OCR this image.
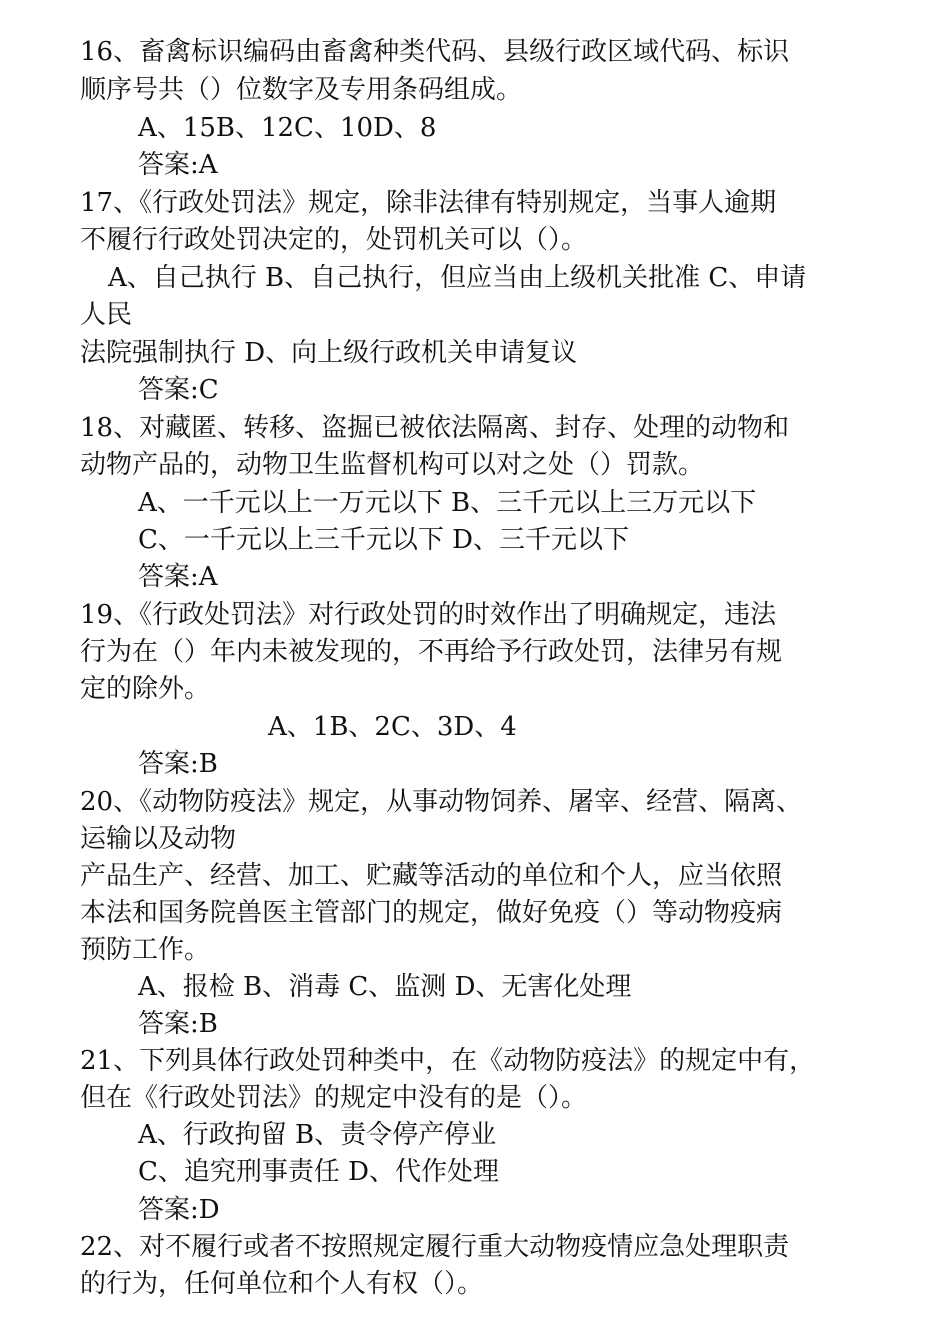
16、畜禽标识编码由畜禽种类代码、县级行政区域代码、标识
顺序号共（）位数字及专用条码组成。
A、15B、12C、10D、8
答案:A
17、《行政处罚法》规定，除非法律有特别规定，当事人逾期
不履行行政处罚决定的，处罚机关可以（）。
A、自己执行 B、自己执行，但应当由上级机关批准 C、申请
人民
法院强制执行 D、向上级行政机关申请复议
答案:C
18、对藏匿、转移、盗掘已被依法隔离、封存、处理的动物和
动物产品的，动物卫生监督机构可以对之处（）罚款。
A、一千元以上一万元以下 B、三千元以上三万元以下
C、一千元以上三千元以下 D、三千元以下
答案:A
19、《行政处罚法》对行政处罚的时效作出了明确规定，违法
行为在（）年内未被发现的，不再给予行政处罚，法律另有规
定的除外。
A、1B、2C、3D、4
答案:B
20、《动物防疫法》规定，从事动物饲养、屠宰、经营、隔离、
运输以及动物
产品生产、经营、加工、贮藏等活动的单位和个人，应当依照
本法和国务院兽医主管部门的规定，做好免疫（）等动物疫病
预防工作。
A、报检 B、消毒 C、监测 D、无害化处理
答案:B
21、下列具体行政处罚种类中，在《动物防疫法》的规定中有，
但在《行政处罚法》的规定中没有的是（）。
A、行政拘留 B、责令停产停业
C、追究刑事责任 D、代作处理
答案:D
22、对不履行或者不按照规定履行重大动物疫情应急处理职责
的行为，任何单位和个人有权（）。
